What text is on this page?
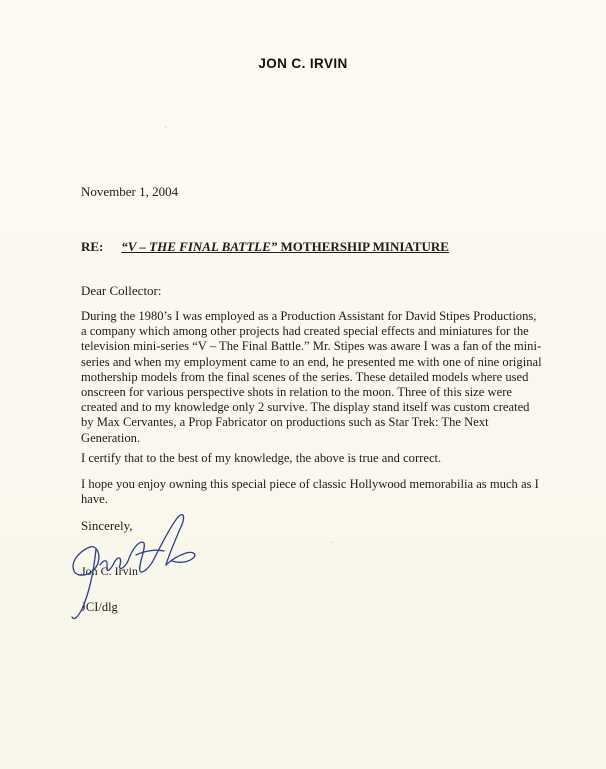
JON C. IRVIN
November 1, 2004
RE: “V – THE FINAL BATTLE” MOTHERSHIP MINIATURE
Dear Collector:

During the 1980’s I was employed as a Production Assistant for David Stipes Productions, a company which among other projects had created special effects and miniatures for the television mini-series “V – The Final Battle.” Mr. Stipes was aware I was a fan of the mini-series and when my employment came to an end, he presented me with one of nine original mothership models from the final scenes of the series. These detailed models where used onscreen for various perspective shots in relation to the moon. Three of this size were created and to my knowledge only 2 survive. The display stand itself was custom created by Max Cervantes, a Prop Fabricator on productions such as Star Trek: The Next Generation.

I certify that to the best of my knowledge, the above is true and correct.

I hope you enjoy owning this special piece of classic Hollywood memorabilia as much as I have.

Sincerely,
Jon C. Irvin
JCI/dlg
ˊ
·
